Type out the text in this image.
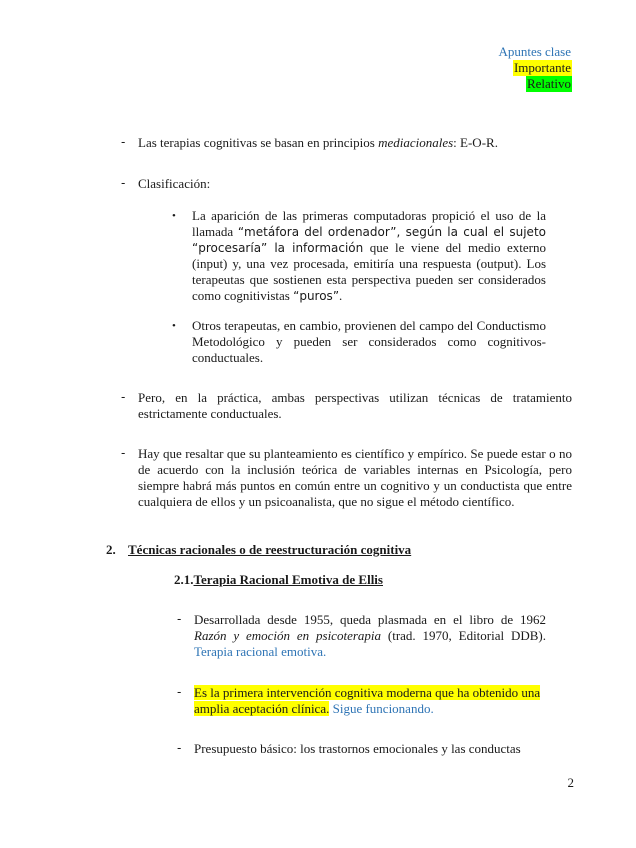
Apuntes clase
Importante
Relativo
- Las terapias cognitivas se basan en principios mediacionales: E-O-R.
- Clasificación:
• La aparición de las primeras computadoras propició el uso de la llamada “metáfora del ordenador”, según la cual el sujeto “procesaría” la información que le viene del medio externo (input) y, una vez procesada, emitiría una respuesta (output). Los terapeutas que sostienen esta perspectiva pueden ser considerados como cognitivistas “puros”.
• Otros terapeutas, en cambio, provienen del campo del Conductismo Metodológico y pueden ser considerados como cognitivos-conductuales.
- Pero, en la práctica, ambas perspectivas utilizan técnicas de tratamiento estrictamente conductuales.
- Hay que resaltar que su planteamiento es científico y empírico. Se puede estar o no de acuerdo con la inclusión teórica de variables internas en Psicología, pero siempre habrá más puntos en común entre un cognitivo y un conductista que entre cualquiera de ellos y un psicoanalista, que no sigue el método científico.
2. Técnicas racionales o de reestructuración cognitiva
2.1.Terapia Racional Emotiva de Ellis
- Desarrollada desde 1955, queda plasmada en el libro de 1962 Razón y emoción en psicoterapia (trad. 1970, Editorial DDB). Terapia racional emotiva.
- Es la primera intervención cognitiva moderna que ha obtenido una amplia aceptación clínica. Sigue funcionando.
- Presupuesto básico: los trastornos emocionales y las conductas
2
